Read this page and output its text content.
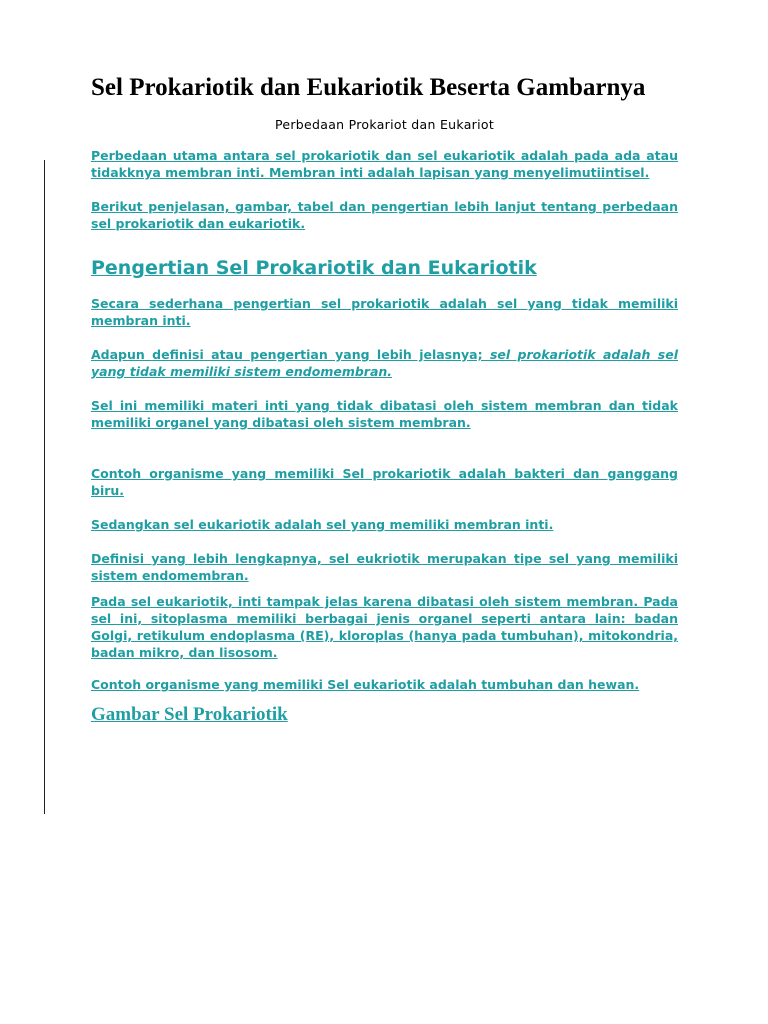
Sel Prokariotik dan Eukariotik Beserta Gambarnya

Perbedaan Prokariot dan Eukariot

Perbedaan utama antara sel prokariotik dan sel eukariotik adalah pada ada atau tidakknya membran inti. Membran inti adalah lapisan yang menyelimutiintisel.

Berikut penjelasan, gambar, tabel dan pengertian lebih lanjut tentang perbedaan sel prokariotik dan eukariotik.

Pengertian Sel Prokariotik dan Eukariotik

Secara sederhana pengertian sel prokariotik adalah sel yang tidak memiliki membran inti.

Adapun definisi atau pengertian yang lebih jelasnya; sel prokariotik adalah sel yang tidak memiliki sistem endomembran.

Sel ini memiliki materi inti yang tidak dibatasi oleh sistem membran dan tidak memiliki organel yang dibatasi oleh sistem membran.

Contoh organisme yang memiliki Sel prokariotik adalah bakteri dan ganggang biru.

Sedangkan sel eukariotik adalah sel yang memiliki membran inti.

Definisi yang lebih lengkapnya, sel eukriotik merupakan tipe sel yang memiliki sistem endomembran.

Pada sel eukariotik, inti tampak jelas karena dibatasi oleh sistem membran. Pada sel ini, sitoplasma memiliki berbagai jenis organel seperti antara lain: badan Golgi, retikulum endoplasma (RE), kloroplas (hanya pada tumbuhan), mitokondria, badan mikro, dan lisosom.

Contoh organisme yang memiliki Sel eukariotik adalah tumbuhan dan hewan.

Gambar Sel Prokariotik
